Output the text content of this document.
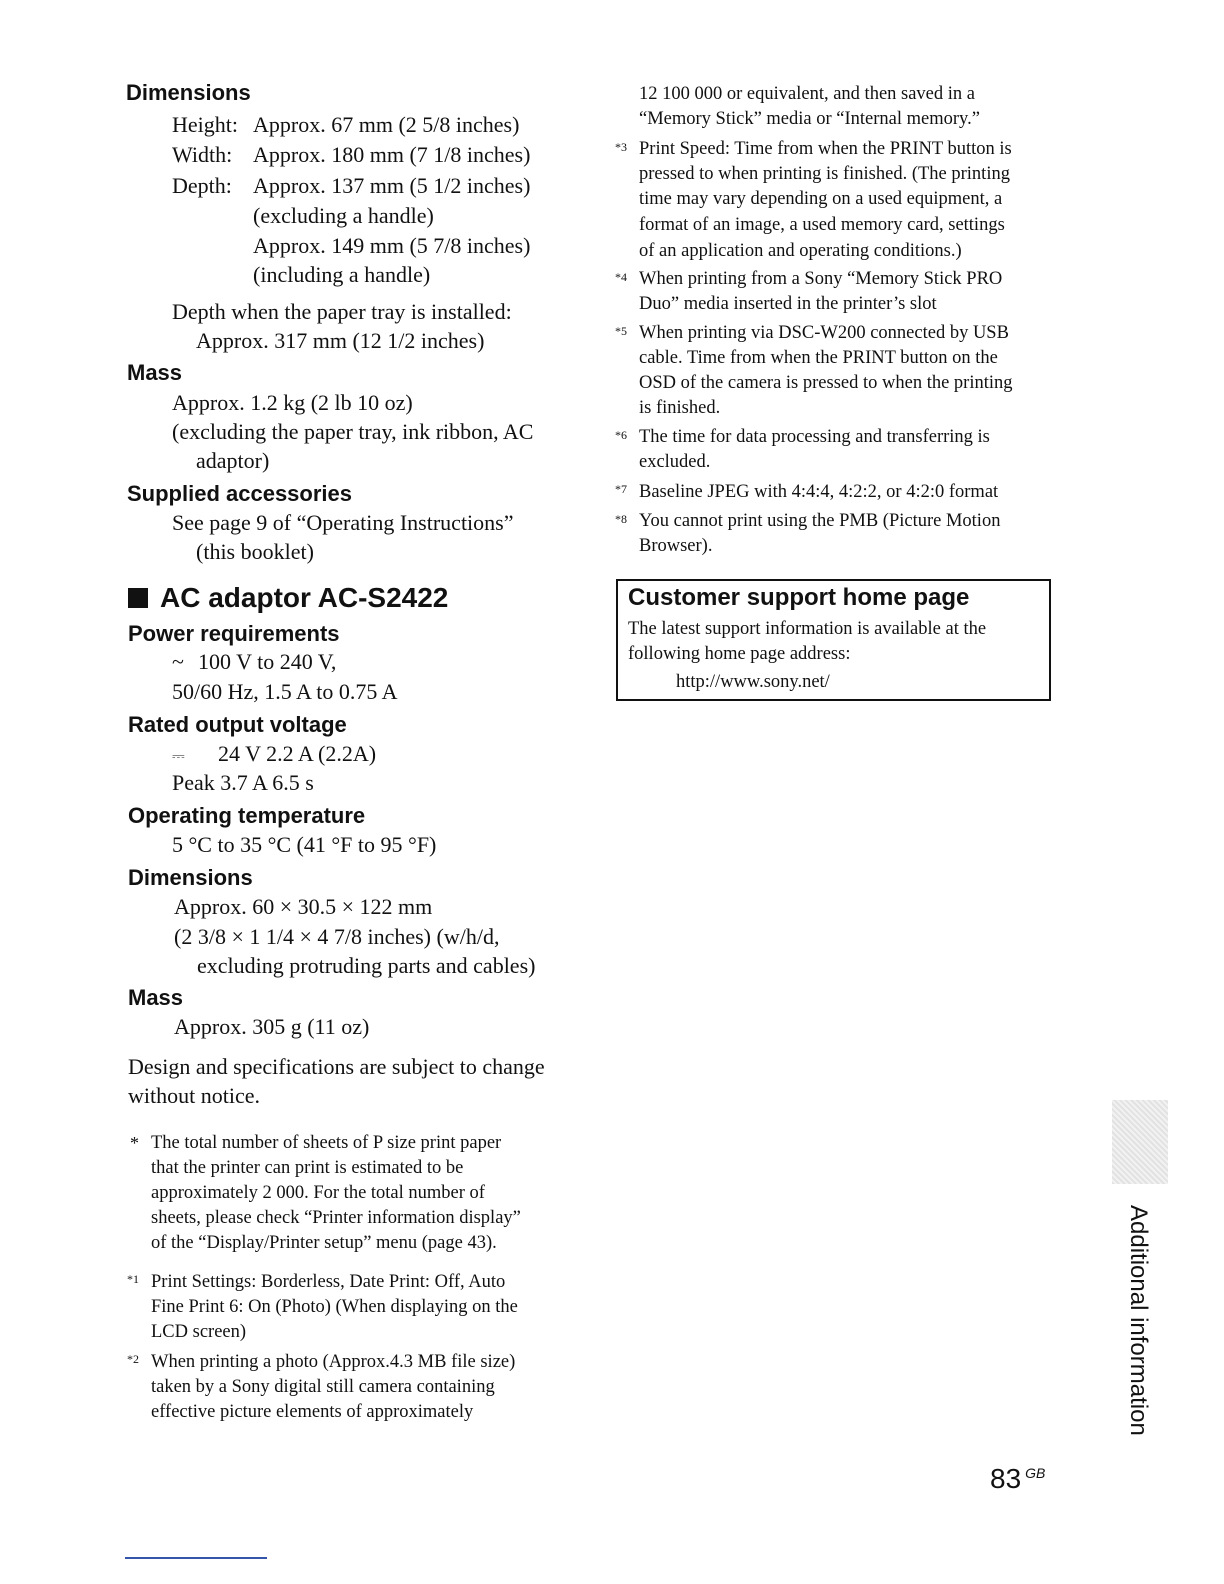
Dimensions
Height: Approx. 67 mm (2 5/8 inches)
Width: Approx. 180 mm (7 1/8 inches)
Depth: Approx. 137 mm (5 1/2 inches)
(excluding a handle)
Approx. 149 mm (5 7/8 inches)
(including a handle)
Depth when the paper tray is installed:
Approx. 317 mm (12 1/2 inches)
Mass
Approx. 1.2 kg (2 lb 10 oz)
(excluding the paper tray, ink ribbon, AC
adaptor)
Supplied accessories
See page 9 of “Operating Instructions”
(this booklet)
AC adaptor AC-S2422
Power requirements
~ 100 V to 240 V,
50/60 Hz, 1.5 A to 0.75 A
Rated output voltage
⎓ 24 V 2.2 A (2.2A)
Peak 3.7 A 6.5 s
Operating temperature
5 °C to 35 °C (41 °F to 95 °F)
Dimensions
Approx. 60 × 30.5 × 122 mm
(2 3/8 × 1 1/4 × 4 7/8 inches) (w/h/d,
excluding protruding parts and cables)
Mass
Approx. 305 g (11 oz)
Design and specifications are subject to change
without notice.
* The total number of sheets of P size print paper
that the printer can print is estimated to be
approximately 2 000. For the total number of
sheets, please check “Printer information display”
of the “Display/Printer setup” menu (page 43).
*1 Print Settings: Borderless, Date Print: Off, Auto
Fine Print 6: On (Photo) (When displaying on the
LCD screen)
*2 When printing a photo (Approx.4.3 MB file size)
taken by a Sony digital still camera containing
effective picture elements of approximately
12 100 000 or equivalent, and then saved in a
“Memory Stick” media or “Internal memory.”
*3 Print Speed: Time from when the PRINT button is
pressed to when printing is finished. (The printing
time may vary depending on a used equipment, a
format of an image, a used memory card, settings
of an application and operating conditions.)
*4 When printing from a Sony “Memory Stick PRO
Duo” media inserted in the printer’s slot
*5 When printing via DSC-W200 connected by USB
cable. Time from when the PRINT button on the
OSD of the camera is pressed to when the printing
is finished.
*6 The time for data processing and transferring is
excluded.
*7 Baseline JPEG with 4:4:4, 4:2:2, or 4:2:0 format
*8 You cannot print using the PMB (Picture Motion
Browser).
Customer support home page
The latest support information is available at the
following home page address:
http://www.sony.net/
Additional information
83 $^{GB}$
